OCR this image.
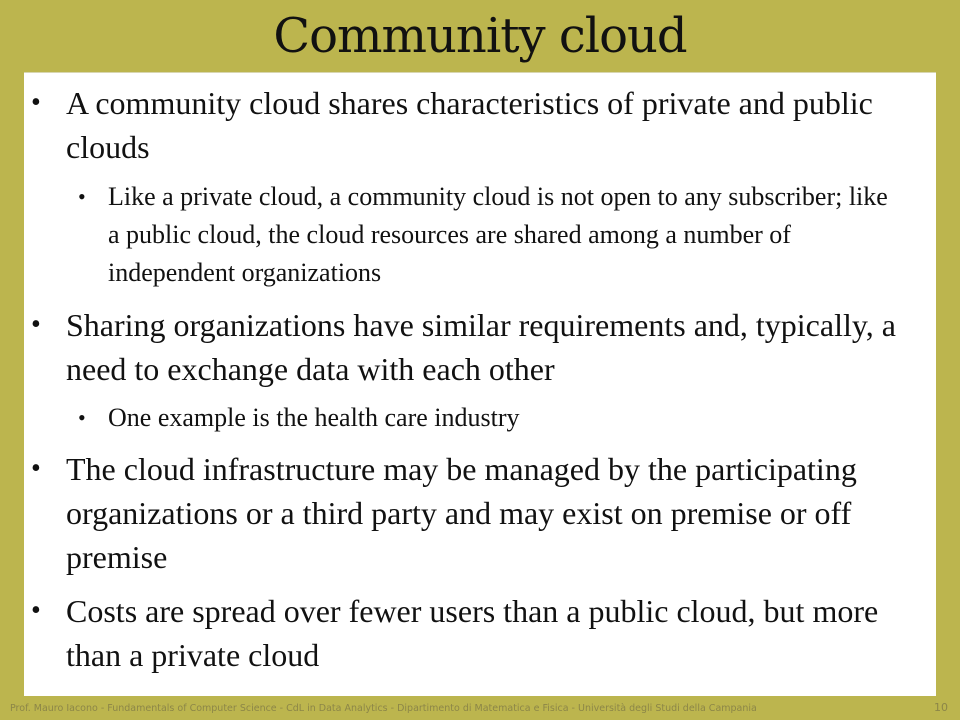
Community cloud
• A community cloud shares characteristics of private and public clouds
• Like a private cloud, a community cloud is not open to any subscriber; like a public cloud, the cloud resources are shared among a number of independent organizations
• Sharing organizations have similar requirements and, typically, a need to exchange data with each other
• One example is the health care industry
• The cloud infrastructure may be managed by the participating organizations or a third party and may exist on premise or off premise
• Costs are spread over fewer users than a public cloud, but more than a private cloud
Prof. Mauro Iacono - Fundamentals of Computer Science - CdL in Data Analytics - Dipartimento di Matematica e Fisica - Università degli Studi della Campania	10
